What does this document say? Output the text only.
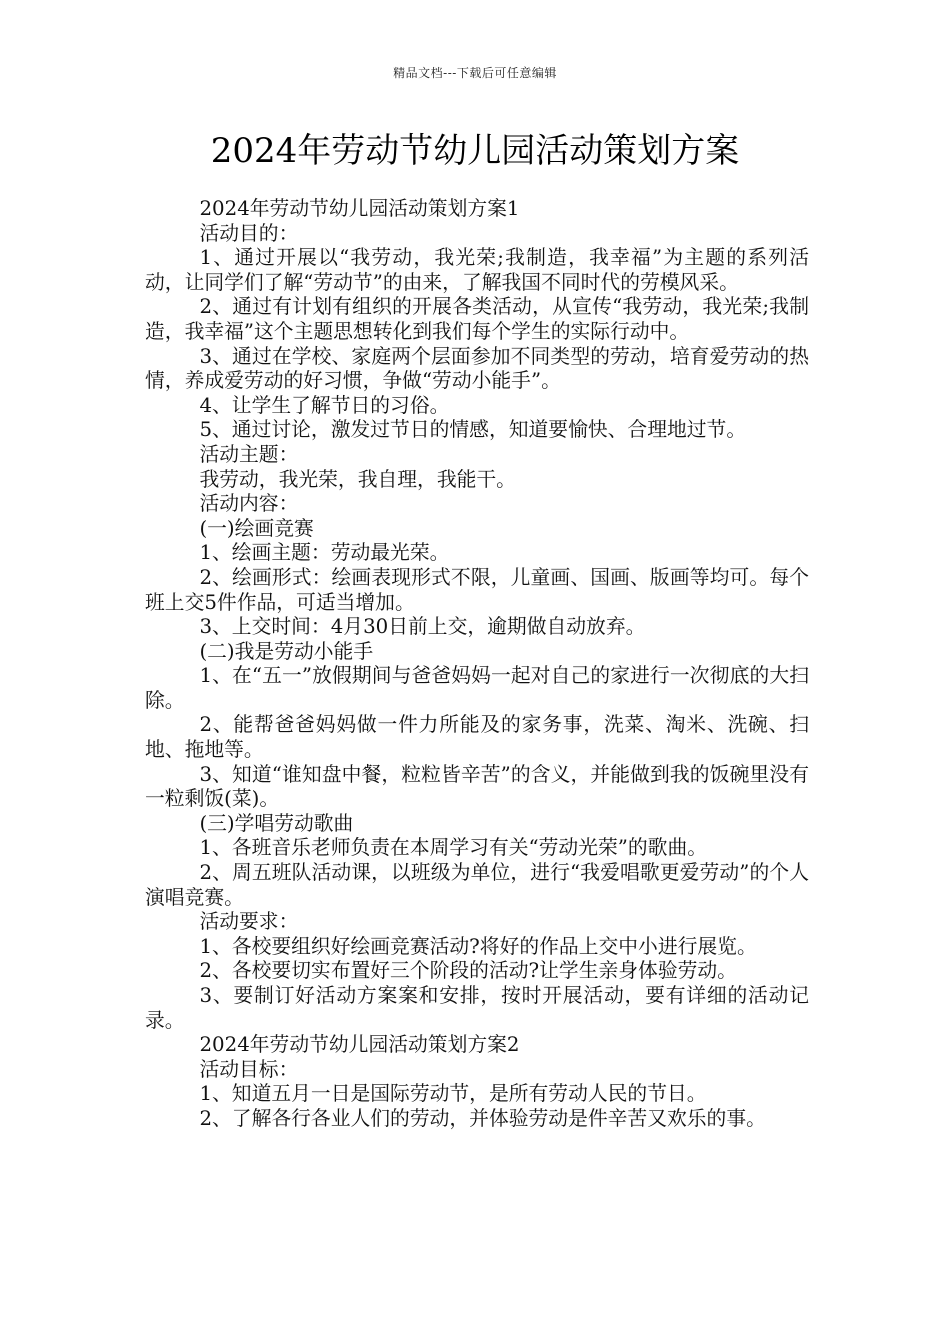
精品文档---下载后可任意编辑
2024年劳动节幼儿园活动策划方案

2024年劳动节幼儿园活动策划方案1

活动目的：

1、通过开展以“我劳动，我光荣;我制造，我幸福”为主题的系列活动，让同学们了解“劳动节”的由来，了解我国不同时代的劳模风采。

2、通过有计划有组织的开展各类活动，从宣传“我劳动，我光荣;我制造，我幸福”这个主题思想转化到我们每个学生的实际行动中。

3、通过在学校、家庭两个层面参加不同类型的劳动，培育爱劳动的热情，养成爱劳动的好习惯，争做“劳动小能手”。

4、让学生了解节日的习俗。

5、通过讨论，激发过节日的情感，知道要愉快、合理地过节。

活动主题：

我劳动，我光荣，我自理，我能干。

活动内容：

(一)绘画竞赛

1、绘画主题：劳动最光荣。

2、绘画形式：绘画表现形式不限，儿童画、国画、版画等均可。每个班上交5件作品，可适当增加。

3、上交时间：4月30日前上交，逾期做自动放弃。

(二)我是劳动小能手

1、在“五一”放假期间与爸爸妈妈一起对自己的家进行一次彻底的大扫除。

2、能帮爸爸妈妈做一件力所能及的家务事，洗菜、淘米、洗碗、扫地、拖地等。

3、知道“谁知盘中餐，粒粒皆辛苦”的含义，并能做到我的饭碗里没有一粒剩饭(菜)。

(三)学唱劳动歌曲

1、各班音乐老师负责在本周学习有关“劳动光荣”的歌曲。

2、周五班队活动课，以班级为单位，进行“我爱唱歌更爱劳动”的个人演唱竞赛。

活动要求：

1、各校要组织好绘画竞赛活动?将好的作品上交中小进行展览。

2、各校要切实布置好三个阶段的活动?让学生亲身体验劳动。

3、要制订好活动方案案和安排，按时开展活动，要有详细的活动记录。

2024年劳动节幼儿园活动策划方案2

活动目标：

1、知道五月一日是国际劳动节，是所有劳动人民的节日。

2、了解各行各业人们的劳动，并体验劳动是件辛苦又欢乐的事。
